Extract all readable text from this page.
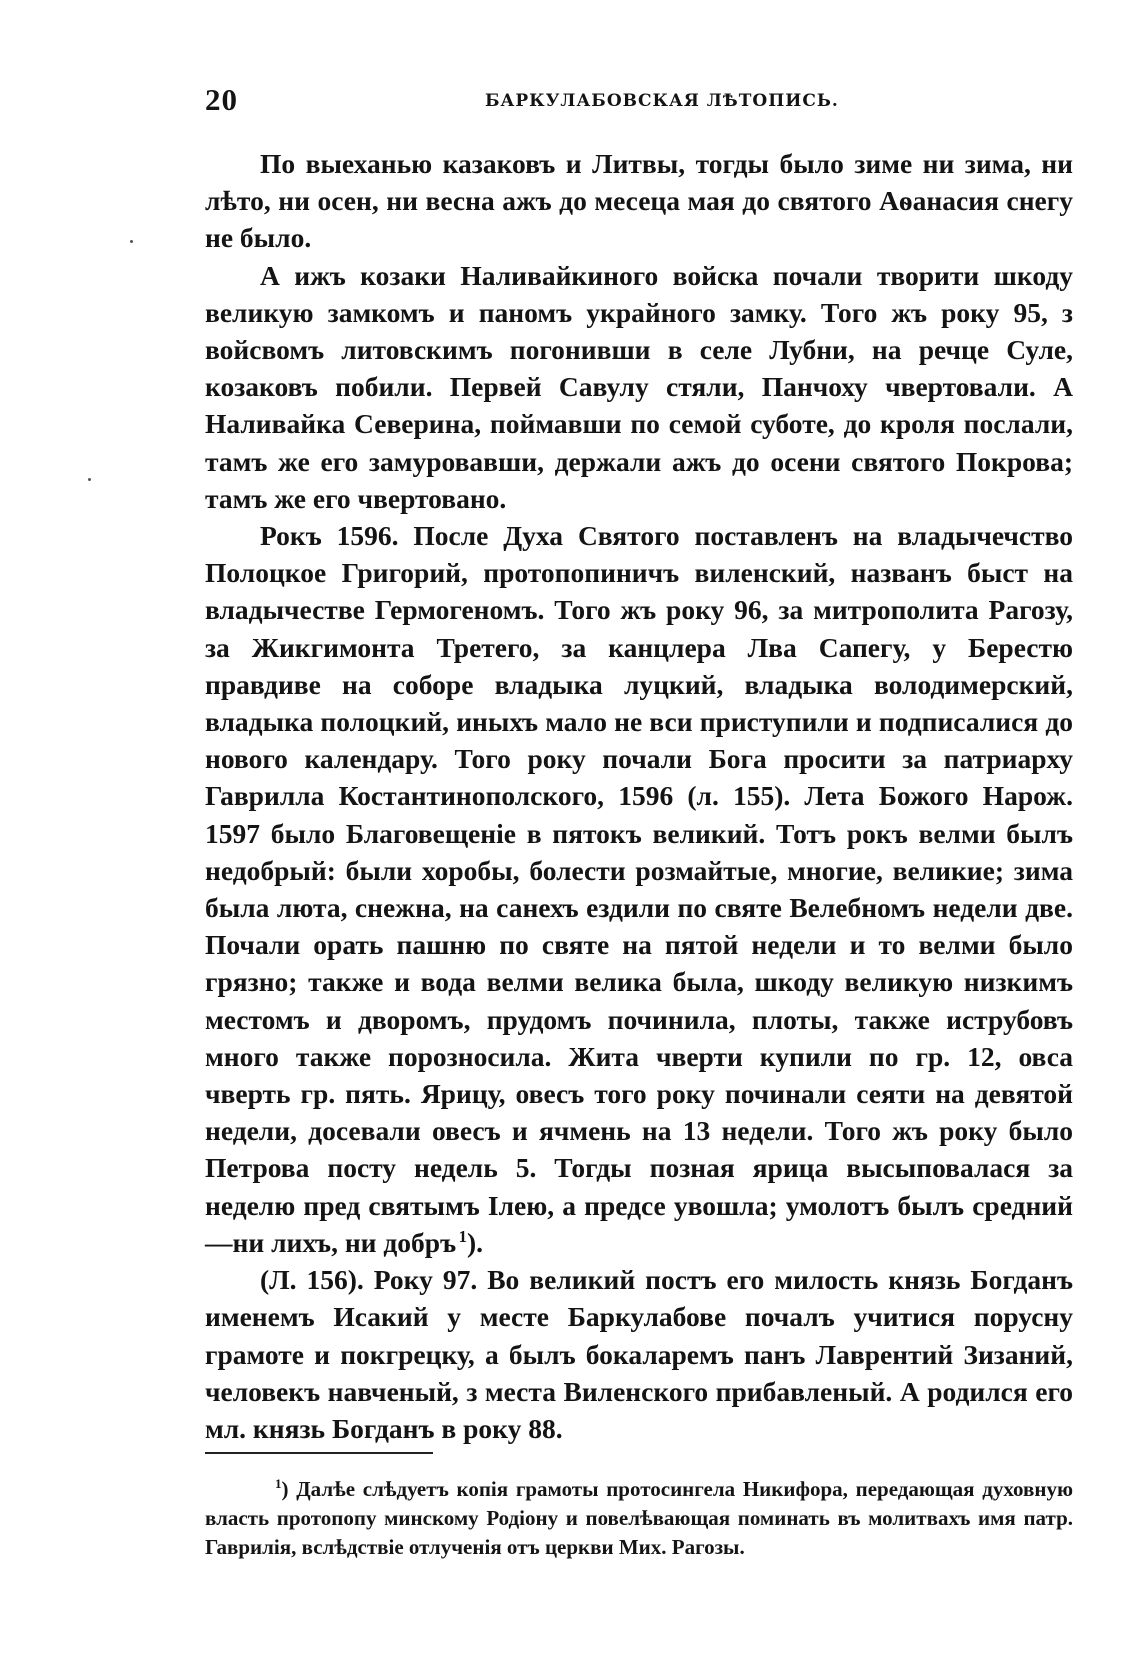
20	БАРКУЛАБОВСКАЯ ЛѢТОПИСЬ.

По выеханью казаковъ и Литвы, тогды было зиме ни зима, ни лѣто, ни осен, ни весна ажъ до месеца мая до святого Аѳанасия снегу не было.

А ижъ козаки Наливайкиного войска почали творити шкоду великую замкомъ и паномъ украйного замку. Того жъ року 95, з войсвомъ литовскимъ погонивши в селе Лубни, на речце Суле, козаковъ побили. Первей Савулу стяли, Панчоху чвертовали. А Наливайка Северина, поймавши по семой суботе, до кроля послали, тамъ же его замуровавши, держали ажъ до осени святого Покрова; тамъ же его чвертовано.

Рокъ 1596. После Духа Святого поставленъ на владычечство Полоцкое Григорий, протопопиничъ виленский, названъ быст на владычестве Гермогеномъ. Того жъ року 96, за митрополита Рагозу, за Жикгимонта Третего, за канцлера Лва Сапегу, у Берестю правдиве на соборе владыка луцкий, владыка володимерский, владыка полоцкий, иныхъ мало не вси приступили и подписалися до нового календару. Того року почали Бога просити за патриарху Гаврилла Костантинополского, 1596 (л. 155). Лета Божого Нарож. 1597 было Благовещеніе в пятокъ великий. Тотъ рокъ велми былъ недобрый: были хоробы, болести розмайтые, многие, великие; зима была люта, снежна, на санехъ ездили по святе Велебномъ недели две. Почали орать пашню по святе на пятой недели и то велми было грязно; также и вода велми велика была, шкоду великую низкимъ местомъ и дворомъ, прудомъ починила, плоты, также иструбовъ много также порозносила. Жита чверти купили по гр. 12, овса чверть гр. пять. Ярицу, овесъ того року починали сеяти на девятой недели, досевали овесъ и ячмень на 13 недели. Того жъ року было Петрова посту недель 5. Тогды позная ярица высыповалася за неделю пред святымъ Ілею, а предсе увошла; умолотъ былъ средний—ни лихъ, ни добръ  $^1$).

(Л. 156). Року 97. Во великий постъ его милость князь Богданъ именемъ Исакий у месте Баркулабове почалъ учитися порусну грамоте и покгрецку, а былъ бокаларемъ панъ Лаврентий Зизаний, человекъ навченый, з места Виленского прибавленый. А родился его мл. князь Богданъ в року 88.

$^1$) Далѣе слѣдуетъ копія грамоты протосингела Никифора, передающая духовную власть протопопу минскому Родіону и повелѣвающая поминать въ молитвахъ имя патр. Гаврилія, вслѣдствіе отлученія отъ церкви Мих. Рагозы.
